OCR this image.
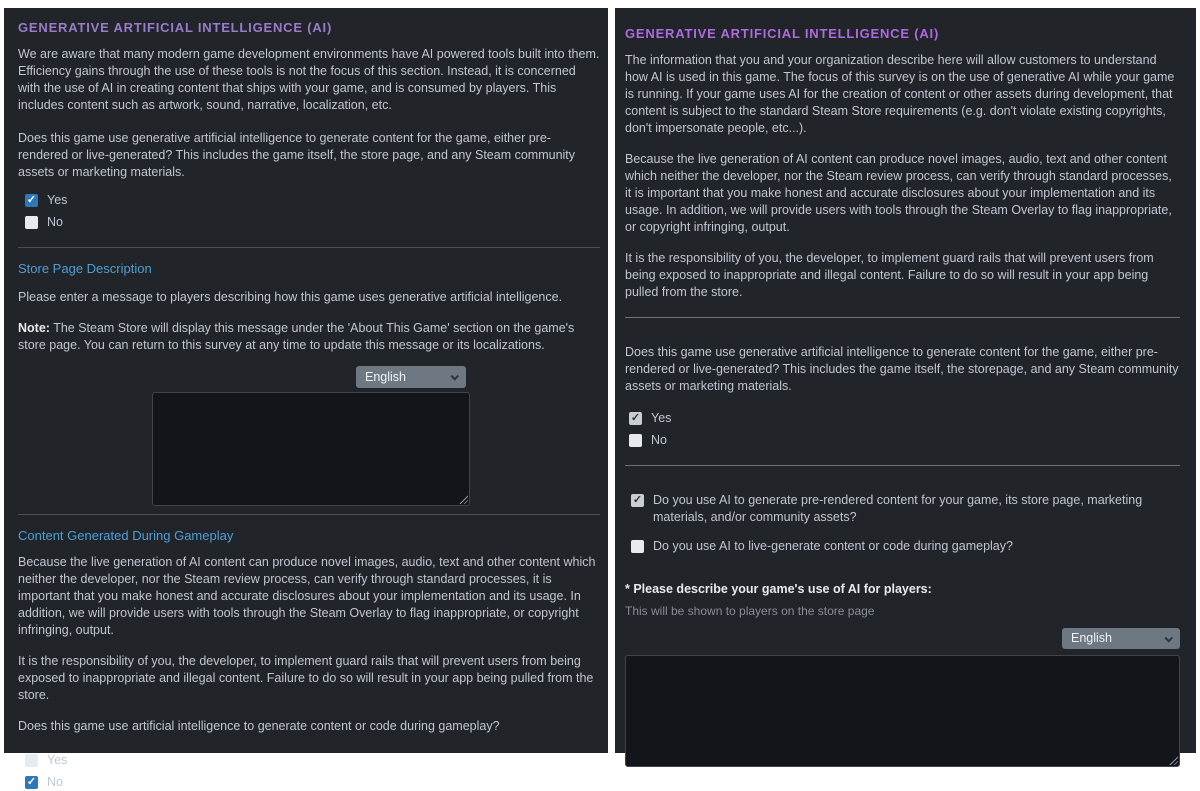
GENERATIVE ARTIFICIAL INTELLIGENCE (AI)

We are aware that many modern game development environments have AI powered tools built into them. Efficiency gains through the use of these tools is not the focus of this section. Instead, it is concerned with the use of AI in creating content that ships with your game, and is consumed by players. This includes content such as artwork, sound, narrative, localization, etc.

Does this game use generative artificial intelligence to generate content for the game, either pre-rendered or live-generated? This includes the game itself, the store page, and any Steam community assets or marketing materials.

✓
Yes
No
Store Page Description

Please enter a message to players describing how this game uses generative artificial intelligence.

Note: The Steam Store will display this message under the 'About This Game' section on the game's store page. You can return to this survey at any time to update this message or its localizations.

English
Content Generated During Gameplay

Because the live generation of AI content can produce novel images, audio, text and other content which neither the developer, nor the Steam review process, can verify through standard processes, it is important that you make honest and accurate disclosures about your implementation and its usage. In addition, we will provide users with tools through the Steam Overlay to flag inappropriate, or copyright infringing, output.

It is the responsibility of you, the developer, to implement guard rails that will prevent users from being exposed to inappropriate and illegal content. Failure to do so will result in your app being pulled from the store.

Does this game use artificial intelligence to generate content or code during gameplay?

Yes
✓
No
GENERATIVE ARTIFICIAL INTELLIGENCE (AI)

The information that you and your organization describe here will allow customers to understand how AI is used in this game. The focus of this survey is on the use of generative AI while your game is running. If your game uses AI for the creation of content or other assets during development, that content is subject to the standard Steam Store requirements (e.g. don't violate existing copyrights, don't impersonate people, etc...).

Because the live generation of AI content can produce novel images, audio, text and other content which neither the developer, nor the Steam review process, can verify through standard processes, it is important that you make honest and accurate disclosures about your implementation and its usage. In addition, we will provide users with tools through the Steam Overlay to flag inappropriate, or copyright infringing, output.

It is the responsibility of you, the developer, to implement guard rails that will prevent users from being exposed to inappropriate and illegal content. Failure to do so will result in your app being pulled from the store.

Does this game use generative artificial intelligence to generate content for the game, either pre-rendered or live-generated? This includes the game itself, the storepage, and any Steam community assets or marketing materials.

✓
Yes
No
✓
Do you use AI to generate pre-rendered content for your game, its store page, marketing materials, and/or community assets?
Do you use AI to live-generate content or code during gameplay?
* Please describe your game's use of AI for players:
This will be shown to players on the store page
English
